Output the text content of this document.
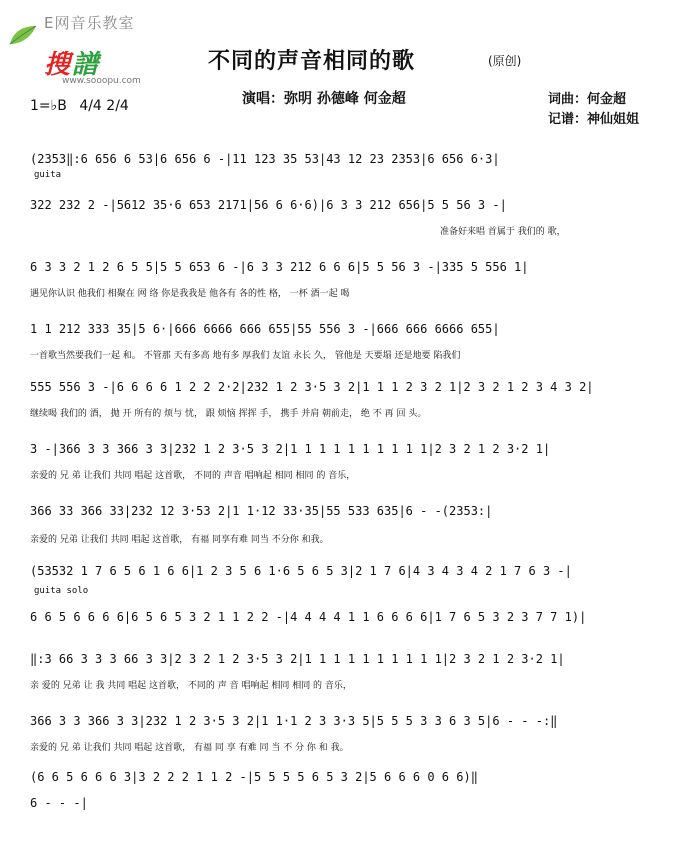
E网音乐教室
搜譜
www.sooopu.com
不同的声音相同的歌	(原创)
演唱：弥明 孙德峰 何金超	词曲：何金超
记谱：神仙姐姐
1=♭B 4/4 2/4
(2353‖:6 656 6 53|6 656 6 -|11 123 35 53|43 12 23 2353|6 656 6·3|
guita
322 232 2 -|5612 35·6 653 2171|56 6 6·6)|6 3 3 212 656|5 5 56 3 -|
准备好来唱 首属于 我们的 歌，
6 3 3 2 1 2 6 5 5|5 5 653 6 -|6 3 3 212 6 6 6|5 5 56 3 -|335 5 556 1|
遇见你认识 他我们 相聚在 网 络 你是我我是 他各有 各的性 格， 一杯 酒一起 喝
1 1 212 333 35|5 6·|666 6666 666 655|55 556 3 -|666 666 6666 655|
一首歌当然要我们一起 和。 不管那 天有多高 地有多 厚我们 友谊 永长 久， 管他是 天要塌 还是地要 陷我们
555 556 3 -|6 6 6 6 1 2 2 2·2|232 1 2 3·5 3 2|1 1 1 2 3 2 1|2 3 2 1 2 3 4 3 2|
继续喝 我们的 酒， 抛 开 所有的 烦与 忧， 跟 烦恼 挥挥 手， 携手 并肩 朝前走， 绝 不 再 回 头。
3 -|366 3 3 366 3 3|232 1 2 3·5 3 2|1 1 1 1 1 1 1 1 1 1|2 3 2 1 2 3·2 1|
亲爱的 兄 弟 让我们 共同 唱起 这首歌， 不同的 声音 唱响起 相同 相同 的 音乐，
366 33 366 33|232 12 3·53 2|1 1·12 33·35|55 533 635|6 - -(2353:|
亲爱的 兄弟 让我们 共同 唱起 这首歌， 有福 同享有难 同当 不分你 和我。
(53532 1 7 6 5 6 1 6 6|1 2 3 5 6 1·6 5 6 5 3|2 1 7 6|4 3 4 3 4 2 1 7 6 3 -|
guita solo
6 6 5 6 6 6 6|6 5 6 5 3 2 1 1 2 2 -|4 4 4 4 1 1 6 6 6 6|1 7 6 5 3 2 3 7 7 1)|
‖:3 66 3 3 3 66 3 3|2 3 2 1 2 3·5 3 2|1 1 1 1 1 1 1 1 1 1|2 3 2 1 2 3·2 1|
亲 爱的 兄弟 让 我 共同 唱起 这首歌， 不同的 声 音 唱响起 相同 相同 的 音乐，
366 3 3 366 3 3|232 1 2 3·5 3 2|1 1·1 2 3 3·3 5|5 5 5 3 3 6 3 5|6 - - -:‖
亲爱的 兄 弟 让我们 共同 唱起 这首歌， 有福 同 享 有难 同 当 不 分 你 和 我。
(6 6 5 6 6 6 3|3 2 2 2 1 1 2 -|5 5 5 5 6 5 3 2|5 6 6 6 0 6 6)‖
6 - - -|
